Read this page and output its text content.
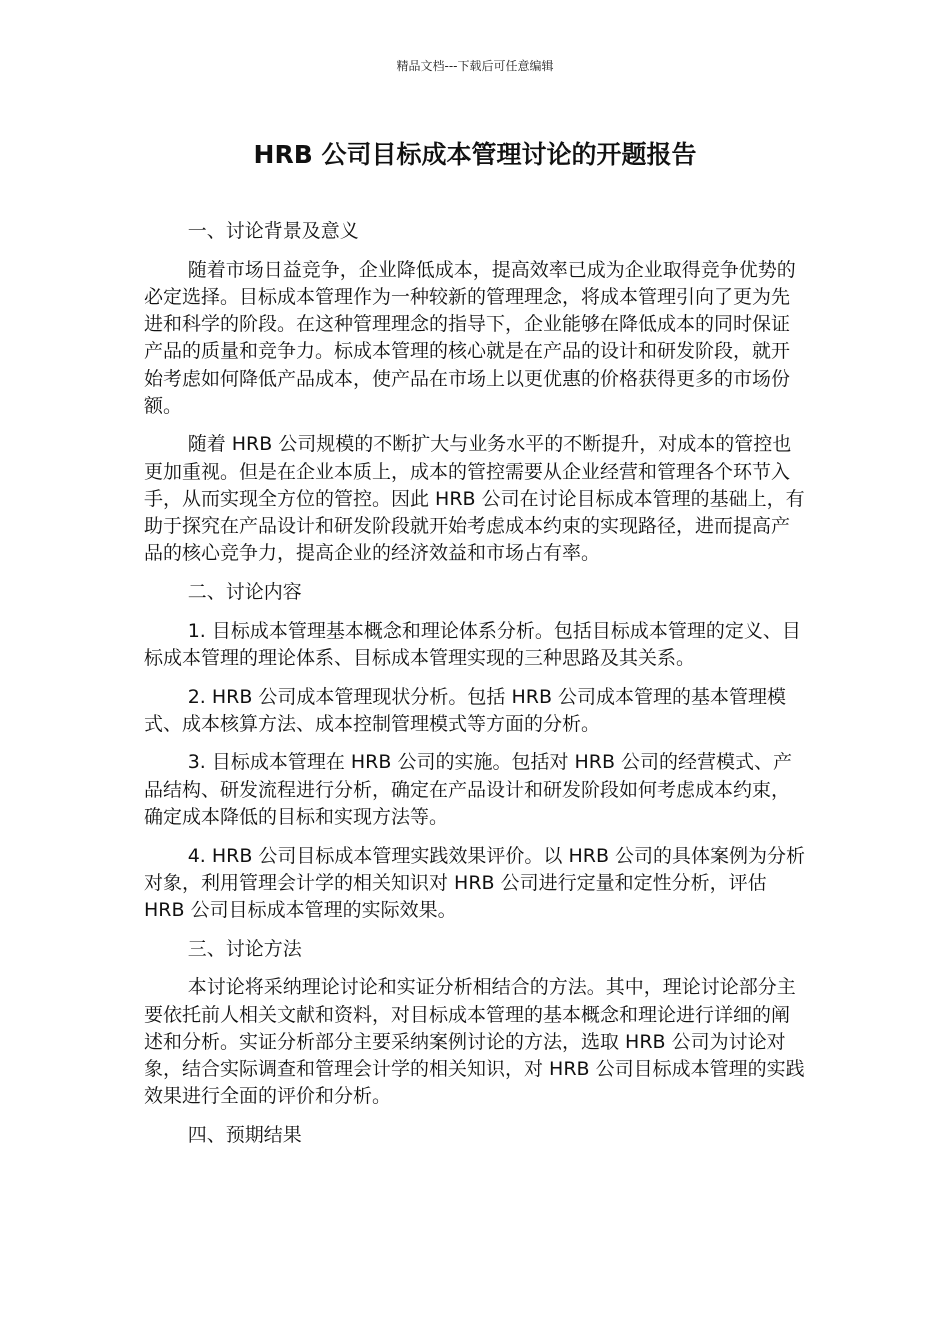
精品文档---下载后可任意编辑
HRB 公司目标成本管理讨论的开题报告
一、讨论背景及意义

随着市场日益竞争，企业降低成本，提高效率已成为企业取得竞争优势的必定选择。目标成本管理作为一种较新的管理理念，将成本管理引向了更为先进和科学的阶段。在这种管理理念的指导下，企业能够在降低成本的同时保证产品的质量和竞争力。标成本管理的核心就是在产品的设计和研发阶段，就开始考虑如何降低产品成本，使产品在市场上以更优惠的价格获得更多的市场份额。

随着 HRB 公司规模的不断扩大与业务水平的不断提升，对成本的管控也更加重视。但是在企业本质上，成本的管控需要从企业经营和管理各个环节入手，从而实现全方位的管控。因此 HRB 公司在讨论目标成本管理的基础上，有助于探究在产品设计和研发阶段就开始考虑成本约束的实现路径，进而提高产品的核心竞争力，提高企业的经济效益和市场占有率。

二、讨论内容

1. 目标成本管理基本概念和理论体系分析。包括目标成本管理的定义、目标成本管理的理论体系、目标成本管理实现的三种思路及其关系。

2. HRB 公司成本管理现状分析。包括 HRB 公司成本管理的基本管理模式、成本核算方法、成本控制管理模式等方面的分析。

3. 目标成本管理在 HRB 公司的实施。包括对 HRB 公司的经营模式、产品结构、研发流程进行分析，确定在产品设计和研发阶段如何考虑成本约束，确定成本降低的目标和实现方法等。

4. HRB 公司目标成本管理实践效果评价。以 HRB 公司的具体案例为分析对象，利用管理会计学的相关知识对 HRB 公司进行定量和定性分析，评估 HRB 公司目标成本管理的实际效果。

三、讨论方法

本讨论将采纳理论讨论和实证分析相结合的方法。其中，理论讨论部分主要依托前人相关文献和资料，对目标成本管理的基本概念和理论进行详细的阐述和分析。实证分析部分主要采纳案例讨论的方法，选取 HRB 公司为讨论对象，结合实际调查和管理会计学的相关知识，对 HRB 公司目标成本管理的实践效果进行全面的评价和分析。

四、预期结果
